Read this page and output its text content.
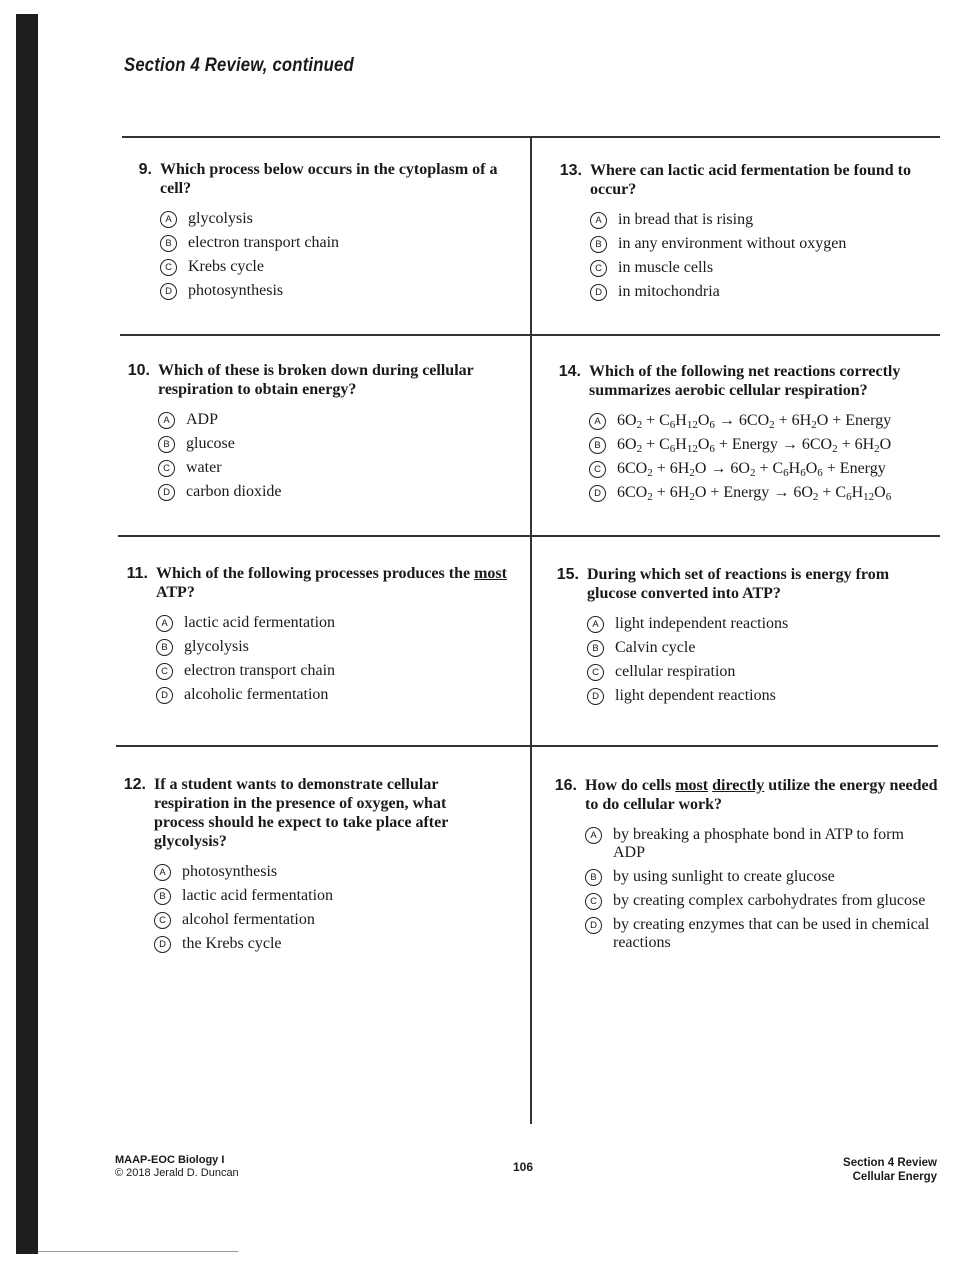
Section 4 Review, continued
9. Which process below occurs in the cytoplasm of a cell?
A	glycolysis
B	electron transport chain
C	Krebs cycle
D	photosynthesis
13. Where can lactic acid fermentation be found to occur?
A	in bread that is rising
B	in any environment without oxygen
C	in muscle cells
D	in mitochondria
10. Which of these is broken down during cellular respiration to obtain energy?
A	ADP
B	glucose
C	water
D	carbon dioxide
14. Which of the following net reactions correctly summarizes aerobic cellular respiration?
A	$6O_2 + C_6H_{12}O_6 \to 6CO_2 + 6H_2O$ + Energy
B	$6O_2 + C_6H_{12}O_6$ + Energy → $6CO_2 + 6H_2O$
C	$6CO_2 + 6H_2O \to 6O_2 + C_6H_6O_6$ + Energy
D	$6CO_2 + 6H_2O$ + Energy → $6O_2 + C_6H_{12}O_6$
11. Which of the following processes produces the most ATP?
A	lactic acid fermentation
B	glycolysis
C	electron transport chain
D	alcoholic fermentation
15. During which set of reactions is energy from glucose converted into ATP?
A	light independent reactions
B	Calvin cycle
C	cellular respiration
D	light dependent reactions
12. If a student wants to demonstrate cellular respiration in the presence of oxygen, what process should he expect to take place after glycolysis?
A	photosynthesis
B	lactic acid fermentation
C	alcohol fermentation
D	the Krebs cycle
16. How do cells most directly utilize the energy needed to do cellular work?
A	by breaking a phosphate bond in ATP to form ADP
B	by using sunlight to create glucose
C	by creating complex carbohydrates from glucose
D	by creating enzymes that can be used in chemical reactions
MAAP-EOC Biology I
© 2018 Jerald D. Duncan	106	Section 4 Review
Cellular Energy
